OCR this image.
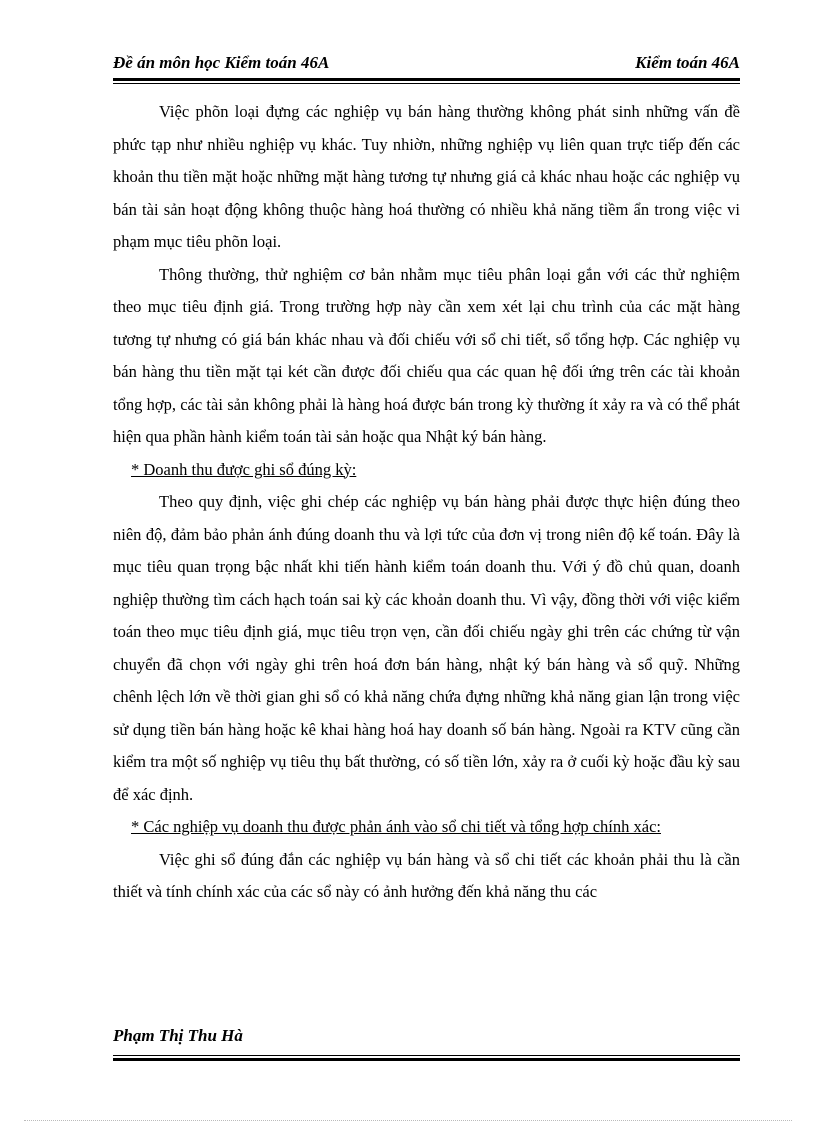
Đề án môn học Kiểm toán 46A	Kiểm toán 46A

Việc phõn loại đựng các nghiệp vụ bán hàng thường không phát sinh những vấn đề phức tạp như nhiều nghiệp vụ khác. Tuy nhiờn, những nghiệp vụ liên quan trực tiếp đến các khoản thu tiền mặt hoặc những mặt hàng tương tự nhưng giá cả khác nhau hoặc các nghiệp vụ bán tài sản hoạt động không thuộc hàng hoá thường có nhiều khả năng tiềm ẩn trong việc vi phạm mục tiêu phõn loại.

Thông thường, thử nghiệm cơ bản nhằm mục tiêu phân loại gắn với các thử nghiệm theo mục tiêu định giá. Trong trường hợp này cần xem xét lại chu trình của các mặt hàng tương tự nhưng có giá bán khác nhau và đối chiếu với sổ chi tiết, sổ tổng hợp. Các nghiệp vụ bán hàng thu tiền mặt tại két cần được đối chiếu qua các quan hệ đối ứng trên các tài khoản tổng hợp, các tài sản không phải là hàng hoá được bán trong kỳ thường ít xảy ra và có thể phát hiện qua phần hành kiểm toán tài sản hoặc qua Nhật ký bán hàng.

* Doanh thu được ghi sổ đúng kỳ:

Theo quy định, việc ghi chép các nghiệp vụ bán hàng phải được thực hiện đúng theo niên độ, đảm bảo phản ánh đúng doanh thu và lợi tức của đơn vị trong niên độ kế toán. Đây là mục tiêu quan trọng bậc nhất khi tiến hành kiểm toán doanh thu. Với ý đồ chủ quan, doanh nghiệp thường tìm cách hạch toán sai kỳ các khoản doanh thu. Vì vậy, đồng thời với việc kiểm toán theo mục tiêu định giá, mục tiêu trọn vẹn, cần đối chiếu ngày ghi trên các chứng từ vận chuyển đã chọn với ngày ghi trên hoá đơn bán hàng, nhật ký bán hàng và sổ quỹ. Những chênh lệch lớn về thời gian ghi sổ có khả năng chứa đựng những khả năng gian lận trong việc sử dụng tiền bán hàng hoặc kê khai hàng hoá hay doanh số bán hàng. Ngoài ra KTV cũng cần kiểm tra một số nghiệp vụ tiêu thụ bất thường, có số tiền lớn, xảy ra ở cuối kỳ hoặc đầu kỳ sau để xác định.

* Các nghiệp vụ doanh thu được phản ánh vào sổ chi tiết và tổng hợp chính xác:

Việc ghi sổ đúng đắn các nghiệp vụ bán hàng và sổ chi tiết các khoản phải thu là cần thiết và tính chính xác của các sổ này có ảnh hưởng đến khả năng thu các

Phạm Thị Thu Hà
